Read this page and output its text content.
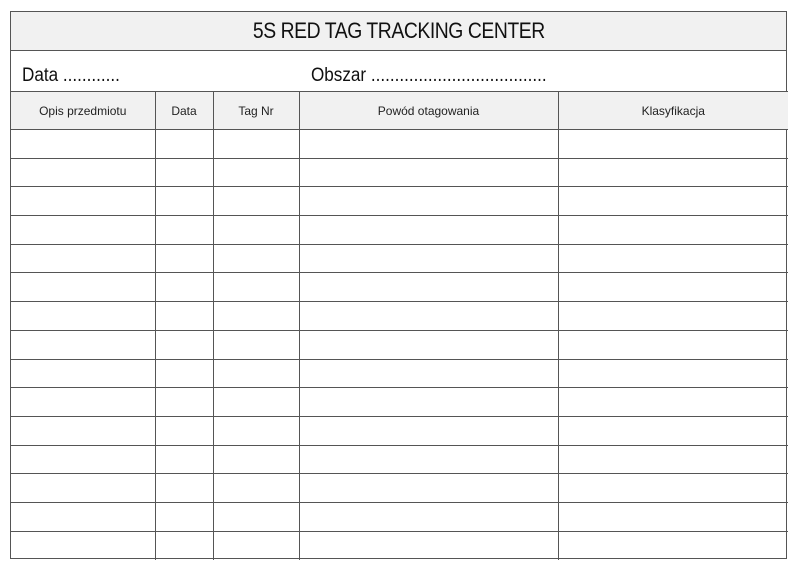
5S RED TAG TRACKING CENTER
Data ............	Obszar .....................................
Opis przedmiotu	Data	Tag Nr	Powód otagowania	Klasyfikacja
